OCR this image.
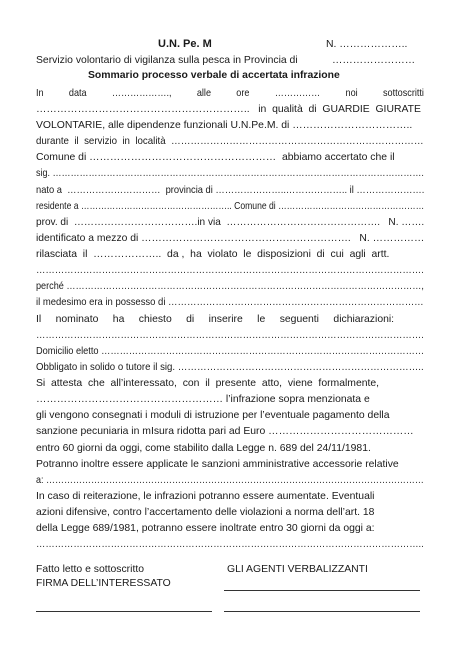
U.N. Pe. M	N. ………………..
Servizio volontario di vigilanza sulla pesca in Provincia di	……………………
Sommario processo verbale di accertata infrazione
In          data          ……………….,          alle          ore          ……………          noi          sottoscritti
……………………………………………………..   in  qualità  di  GUARDIE  GIURATE
VOLONTARIE, alle dipendenze funzionali U.N.Pe.M. di ……………………………..
durante  il  servizio  in  località  ……………………………………………………………………
Comune di ………………………………………………  abbiamo accertato che il
sig. …………………………………………………………………………………………………………….
nato a  …………………………  provincia di …………………..……………….. il ………………….
residente a …………………………………………….. Comune di ……………………………………………
prov. di  ……………………………….in via  ……………………………………….   N. …….
identificato a mezzo di …………………………………………………….   N. ……………
rilasciata  il  ………………..  da ,  ha  violato  le  disposizioni  di  cui  agli  artt.
…………………………………………………………………………………………………………….
perché ………………………………………………………………………………………………………,
il medesimo era in possesso di ………………………………………………………………………
Il     nominato     ha     chiesto     di     inserire     le     seguenti     dichiarazioni:
…………………………………………………………………………………………………………….
Domicilio eletto ……………………………………………………………………………………………
Obbligato in solido o tutore il sig. …………………………………………………………………..
Si  attesta  che  all’interessato,  con  il  presente  atto,  viene  formalmente,
……………………………………………… l’infrazione sopra menzionata e
gli vengono consegnati i moduli di istruzione per l’eventuale pagamento della
sanzione pecuniaria in mIsura ridotta pari ad Euro ……………………………………
entro 60 giorni da oggi, come stabilito dalla Legge n. 689 del 24/11/1981.
Potranno inoltre essere applicate le sanzioni amministrative accessorie relative
a: ………………………………………………………………………………………………………………
In caso di reiterazione, le infrazioni potranno essere aumentate. Eventuali
azioni difensive, contro l’accertamento delle violazioni a norma dell’art. 18
della Legge 689/1981, potranno essere inoltrate entro 30 giorni da oggi a:
……………………………………………………………………………………………………………..
Fatto letto e sottoscritto	GLI AGENTI VERBALIZZANTI
FIRMA DELL’INTERESSATO
